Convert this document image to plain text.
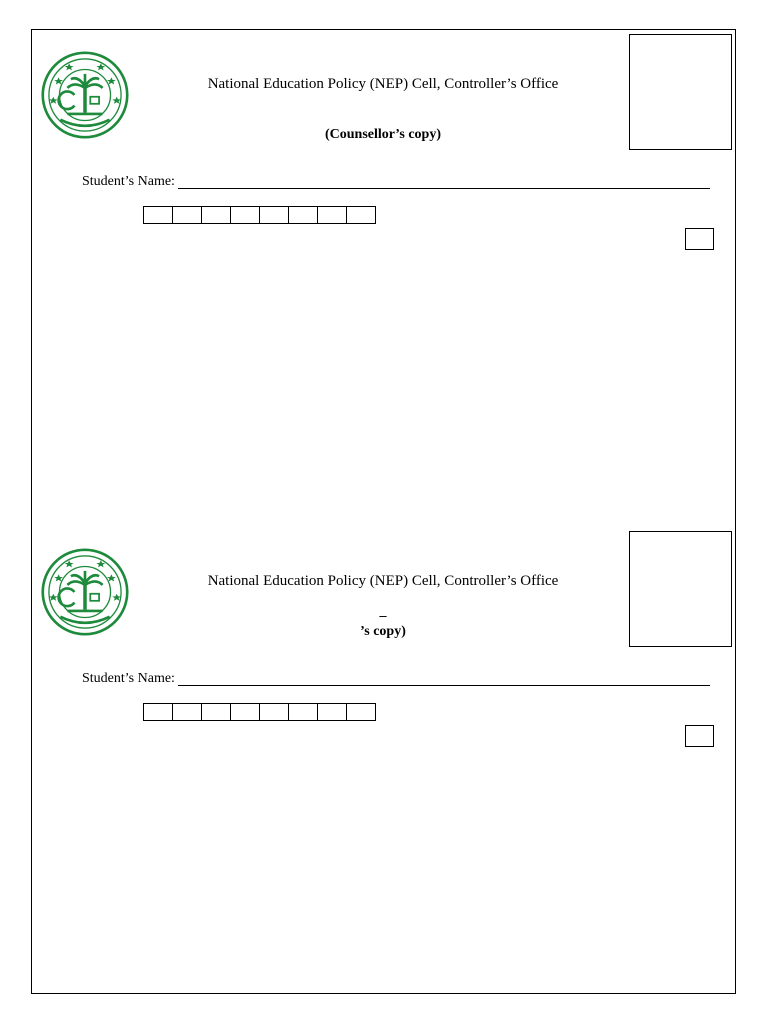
National Education Policy (NEP) Cell, Controller’s Office
(Counsellor’s copy)
Student’s Name:
National Education Policy (NEP) Cell, Controller’s Office
_
’s copy)
Student’s Name:
